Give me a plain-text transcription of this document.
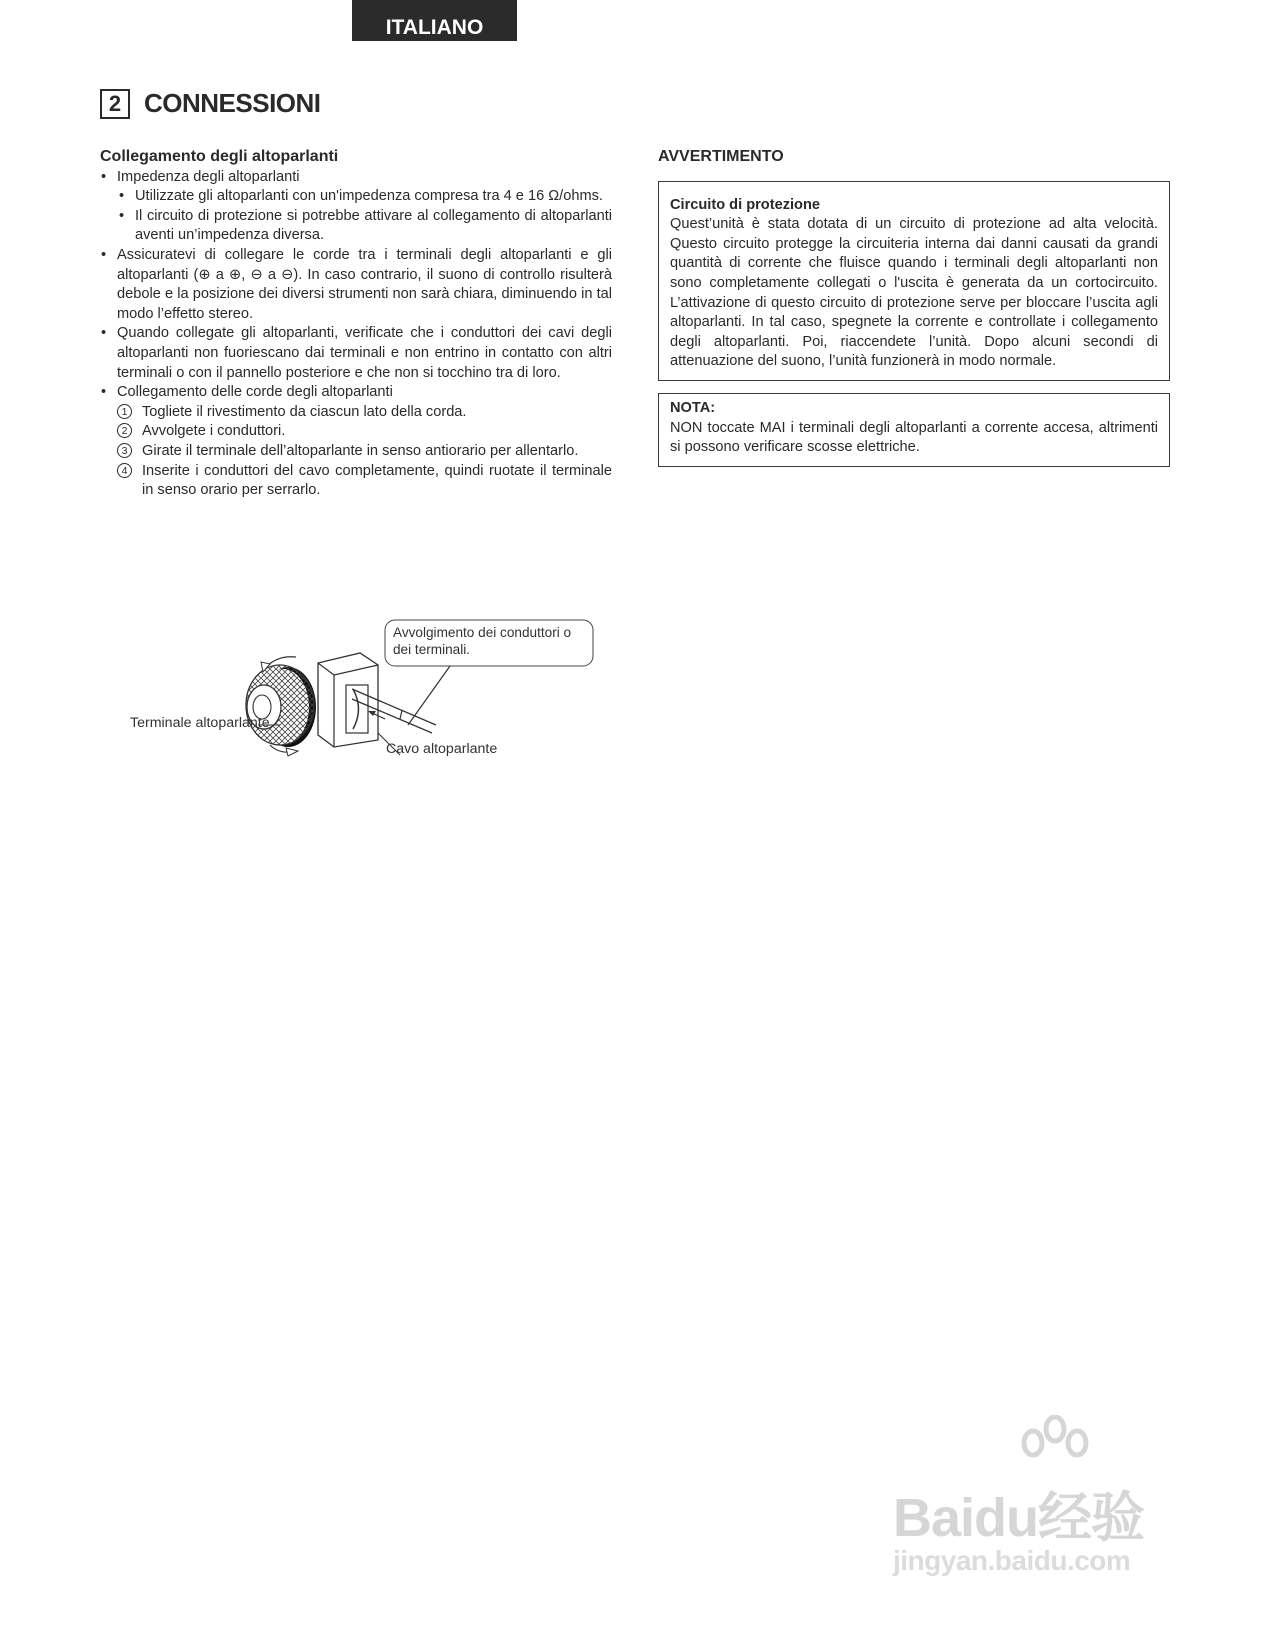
ITALIANO
2 CONNESSIONI
Collegamento degli altoparlanti
• Impedenza degli altoparlanti
• Utilizzate gli altoparlanti con un'impedenza compresa tra 4 e 16 Ω/ohms.
• Il circuito di protezione si potrebbe attivare al collegamento di altoparlanti aventi un’impedenza diversa.
• Assicuratevi di collegare le corde tra i terminali degli altoparlanti e gli altoparlanti (⊕ a ⊕, ⊖ a ⊖). In caso contrario, il suono di controllo risulterà debole e la posizione dei diversi strumenti non sarà chiara, diminuendo in tal modo l’effetto stereo.
• Quando collegate gli altoparlanti, verificate che i conduttori dei cavi degli altoparlanti non fuoriescano dai terminali e non entrino in contatto con altri terminali o con il pannello posteriore e che non si tocchino tra di loro.
• Collegamento delle corde degli altoparlanti
1 Togliete il rivestimento da ciascun lato della corda.
2 Avvolgete i conduttori.
3 Girate il terminale dell’altoparlante in senso antiorario per allentarlo.
4 Inserite i conduttori del cavo completamente, quindi ruotate il terminale in senso orario per serrarlo.
Avvolgimento dei conduttori o dei terminali.
Terminale altoparlante
Cavo altoparlante
AVVERTIMENTO
Circuito di protezione
Quest’unità è stata dotata di un circuito di protezione ad alta velocità. Questo circuito protegge la circuiteria interna dai danni causati da grandi quantità di corrente che fluisce quando i terminali degli altoparlanti non sono completamente collegati o l'uscita è generata da un cortocircuito. L’attivazione di questo circuito di protezione serve per bloccare l’uscita agli altoparlanti. In tal caso, spegnete la corrente e controllate i collegamento degli altoparlanti. Poi, riaccendete l’unità. Dopo alcuni secondi di attenuazione del suono, l’unità funzionerà in modo normale.
NOTA:
NON toccate MAI i terminali degli altoparlanti a corrente accesa, altrimenti si possono verificare scosse elettriche.
Baidu经验
jingyan.baidu.com
